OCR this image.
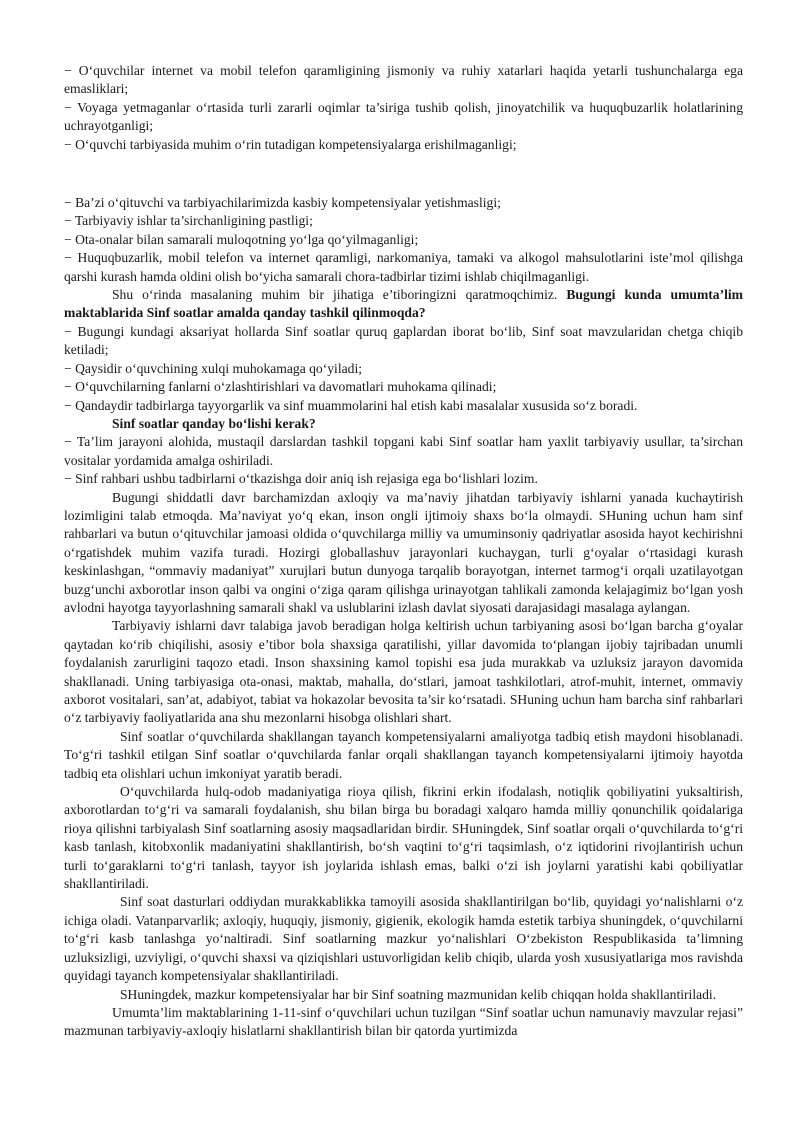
− O‘quvchilar internet va mobil telefon qaramligining jismoniy va ruhiy xatarlari haqida yetarli tushunchalarga ega emasliklari;

− Voyaga yetmaganlar o‘rtasida turli zararli oqimlar ta’siriga tushib qolish, jinoyatchilik va huquqbuzarlik holatlarining uchrayotganligi;

− O‘quvchi tarbiyasida muhim o‘rin tutadigan kompetensiyalarga erishilmaganligi;

− Ba’zi o‘qituvchi va tarbiyachilarimizda kasbiy kompetensiyalar yetishmasligi;

− Tarbiyaviy ishlar ta’sirchanligining pastligi;

− Ota-onalar bilan samarali muloqotning yo‘lga qo‘yilmaganligi;

− Huquqbuzarlik, mobil telefon va internet qaramligi, narkomaniya, tamaki va alkogol mahsulotlarini iste’mol qilishga qarshi kurash hamda oldini olish bo‘yicha samarali chora-tadbirlar tizimi ishlab chiqilmaganligi.

Shu o‘rinda masalaning muhim bir jihatiga e’tiboringizni qaratmoqchimiz. Bugungi kunda umumta’lim maktablarida Sinf soatlar amalda qanday tashkil qilinmoqda?

− Bugungi kundagi aksariyat hollarda Sinf soatlar quruq gaplardan iborat bo‘lib, Sinf soat mavzularidan chetga chiqib ketiladi;

− Qaysidir o‘quvchining xulqi muhokamaga qo‘yiladi;

− O‘quvchilarning fanlarni o‘zlashtirishlari va davomatlari muhokama qilinadi;

− Qandaydir tadbirlarga tayyorgarlik va sinf muammolarini hal etish kabi masalalar xususida so‘z boradi.

Sinf soatlar qanday bo‘lishi kerak?

− Ta’lim jarayoni alohida, mustaqil darslardan tashkil topgani kabi Sinf soatlar ham yaxlit tarbiyaviy usullar, ta’sirchan vositalar yordamida amalga oshiriladi.

− Sinf rahbari ushbu tadbirlarni o‘tkazishga doir aniq ish rejasiga ega bo‘lishlari lozim.

Bugungi shiddatli davr barchamizdan axloqiy va ma’naviy jihatdan tarbiyaviy ishlarni yanada kuchaytirish lozimligini talab etmoqda. Ma’naviyat yo‘q ekan, inson ongli ijtimoiy shaxs bo‘la olmaydi. SHuning uchun ham sinf rahbarlari va butun o‘qituvchilar jamoasi oldida o‘quvchilarga milliy va umuminsoniy qadriyatlar asosida hayot kechirishni o‘rgatishdek muhim vazifa turadi. Hozirgi globallashuv jarayonlari kuchaygan, turli g‘oyalar o‘rtasidagi kurash keskinlashgan, “ommaviy madaniyat” xurujlari butun dunyoga tarqalib borayotgan, internet tarmog‘i orqali uzatilayotgan buzg‘unchi axborotlar inson qalbi va ongini o‘ziga qaram qilishga urinayotgan tahlikali zamonda kelajagimiz bo‘lgan yosh avlodni hayotga tayyorlashning samarali shakl va uslublarini izlash davlat siyosati darajasidagi masalaga aylangan.

Tarbiyaviy ishlarni davr talabiga javob beradigan holga keltirish uchun tarbiyaning asosi bo‘lgan barcha g‘oyalar qaytadan ko‘rib chiqilishi, asosiy e’tibor bola shaxsiga qaratilishi, yillar davomida to‘plangan ijobiy tajribadan unumli foydalanish zarurligini taqozo etadi. Inson shaxsining kamol topishi esa juda murakkab va uzluksiz jarayon davomida shakllanadi. Uning tarbiyasiga ota-onasi, maktab, mahalla, do‘stlari, jamoat tashkilotlari, atrof-muhit, internet, ommaviy axborot vositalari, san’at, adabiyot, tabiat va hokazolar bevosita ta’sir ko‘rsatadi. SHuning uchun ham barcha sinf rahbarlari o‘z tarbiyaviy faoliyatlarida ana shu mezonlarni hisobga olishlari shart.

Sinf soatlar o‘quvchilarda shakllangan tayanch kompetensiyalarni amaliyotga tadbiq etish maydoni hisoblanadi. To‘g‘ri tashkil etilgan Sinf soatlar o‘quvchilarda fanlar orqali shakllangan tayanch kompetensiyalarni ijtimoiy hayotda tadbiq eta olishlari uchun imkoniyat yaratib beradi.

O‘quvchilarda hulq-odob madaniyatiga rioya qilish, fikrini erkin ifodalash, notiqlik qobiliyatini yuksaltirish, axborotlardan to‘g‘ri va samarali foydalanish, shu bilan birga bu boradagi xalqaro hamda milliy qonunchilik qoidalariga rioya qilishni tarbiyalash Sinf soatlarning asosiy maqsadlaridan birdir. SHuningdek, Sinf soatlar orqali o‘quvchilarda to‘g‘ri kasb tanlash, kitobxonlik madaniyatini shakllantirish, bo‘sh vaqtini to‘g‘ri taqsimlash, o‘z iqtidorini rivojlantirish uchun turli to‘garaklarni to‘g‘ri tanlash, tayyor ish joylarida ishlash emas, balki o‘zi ish joylarni yaratishi kabi qobiliyatlar shakllantiriladi.

Sinf soat dasturlari oddiydan murakkablikka tamoyili asosida shakllantirilgan bo‘lib, quyidagi yo‘nalishlarni o‘z ichiga oladi. Vatanparvarlik; axloqiy, huquqiy, jismoniy, gigienik, ekologik hamda estetik tarbiya shuningdek, o‘quvchilarni to‘g‘ri kasb tanlashga yo‘naltiradi. Sinf soatlarning mazkur yo‘nalishlari O‘zbekiston Respublikasida ta’limning uzluksizligi, uzviyligi, o‘quvchi shaxsi va qiziqishlari ustuvorligidan kelib chiqib, ularda yosh xususiyatlariga mos ravishda quyidagi tayanch kompetensiyalar shakllantiriladi.

SHuningdek, mazkur kompetensiyalar har bir Sinf soatning mazmunidan kelib chiqqan holda shakllantiriladi.

Umumta’lim maktablarining 1-11-sinf o‘quvchilari uchun tuzilgan “Sinf soatlar uchun namunaviy mavzular rejasi” mazmunan tarbiyaviy-axloqiy hislatlarni shakllantirish bilan bir qatorda yurtimizda
